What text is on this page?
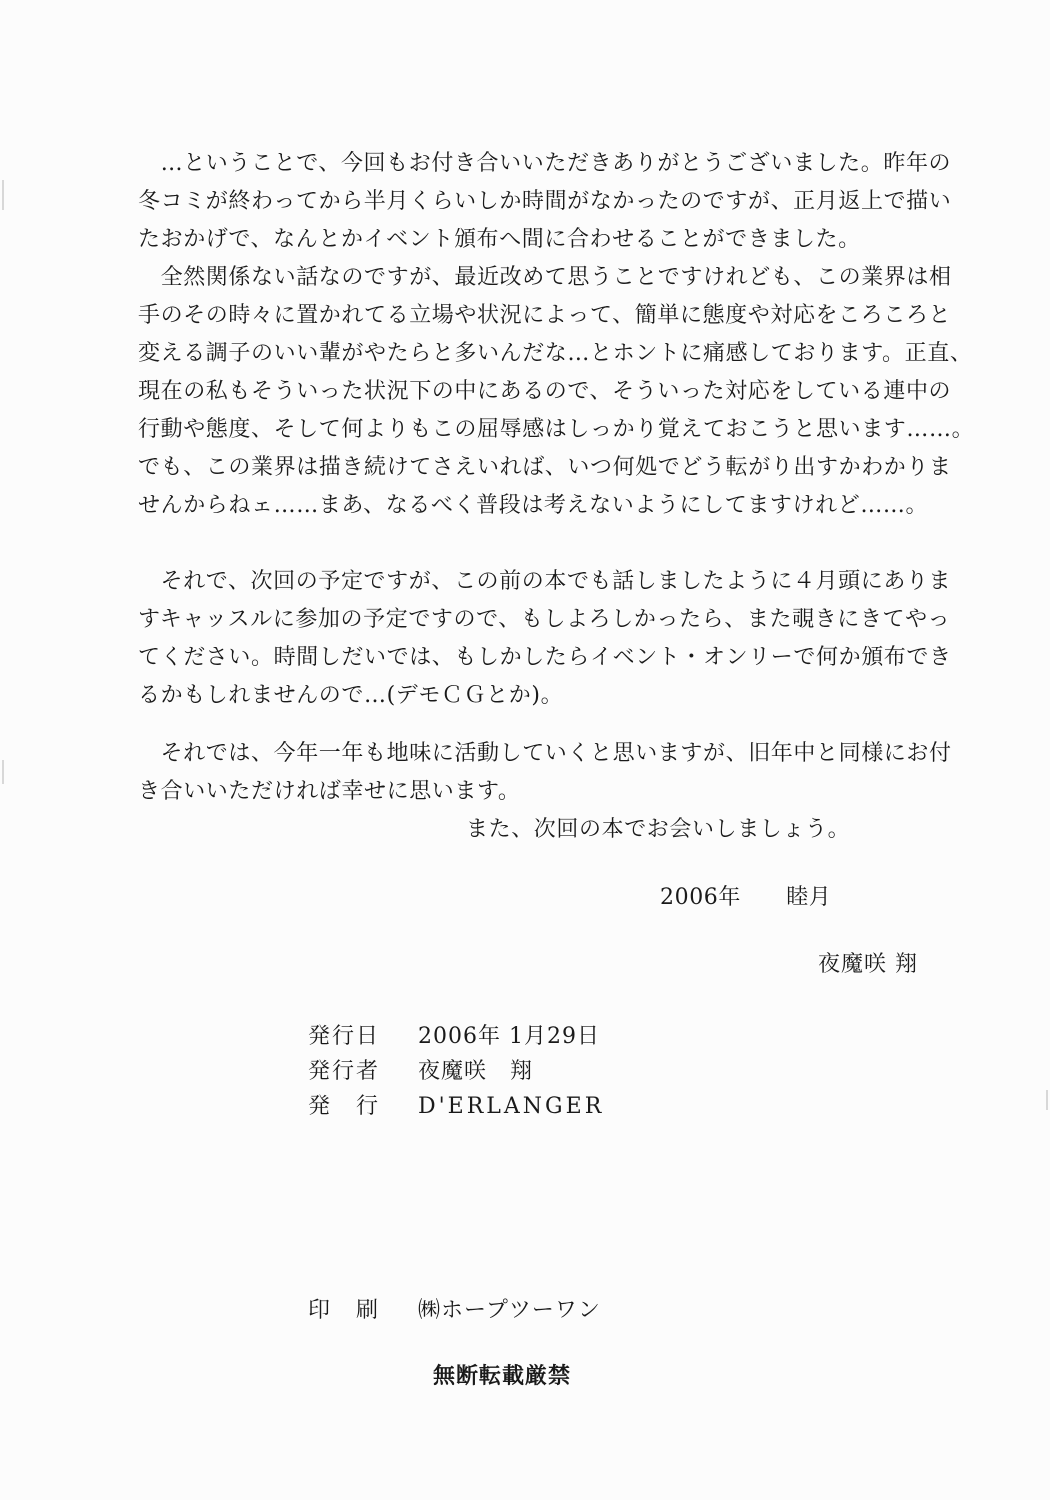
　…ということで、今回もお付き合いいただきありがとうございました。昨年の
冬コミが終わってから半月くらいしか時間がなかったのですが、正月返上で描い
たおかげで、なんとかイベント頒布へ間に合わせることができました。
　全然関係ない話なのですが、最近改めて思うことですけれども、この業界は相
手のその時々に置かれてる立場や状況によって、簡単に態度や対応をころころと
変える調子のいい輩がやたらと多いんだな…とホントに痛感しております。正直、
現在の私もそういった状況下の中にあるので、そういった対応をしている連中の
行動や態度、そして何よりもこの屈辱感はしっかり覚えておこうと思います……。
でも、この業界は描き続けてさえいれば、いつ何処でどう転がり出すかわかりま
せんからねェ……まあ、なるべく普段は考えないようにしてますけれど……。
　それで、次回の予定ですが、この前の本でも話しましたように４月頭にありま
すキャッスルに参加の予定ですので、もしよろしかったら、また覗きにきてやっ
てください。時間しだいでは、もしかしたらイベント・オンリーで何か頒布でき
るかもしれませんので…(デモＣＧとか)。
　それでは、今年一年も地味に活動していくと思いますが、旧年中と同様にお付
き合いいただければ幸せに思います。
また、次回の本でお会いしましょう。
2006年　　睦月
夜魔咲 翔
発行日 2006年 1月29日
発行者 夜魔咲　翔
発　行 D'ERLANGER
印　刷 ㈱ホープツーワン
無断転載厳禁
